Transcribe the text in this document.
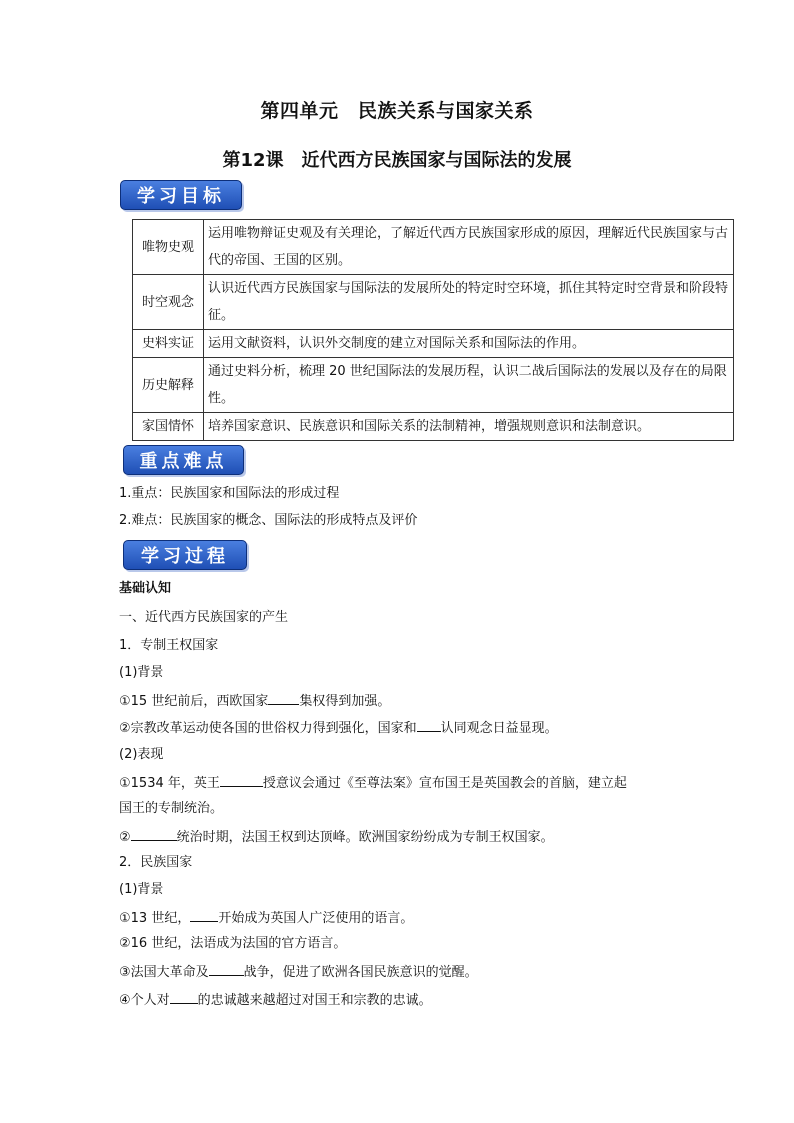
第四单元　民族关系与国家关系
第12课　近代西方民族国家与国际法的发展
学习目标
唯物史观	运用唯物辩证史观及有关理论，了解近代西方民族国家形成的原因，理解近代民族国家与古代的帝国、王国的区别。
时空观念	认识近代西方民族国家与国际法的发展所处的特定时空环境，抓住其特定时空背景和阶段特征。
史料实证	运用文献资料，认识外交制度的建立对国际关系和国际法的作用。
历史解释	通过史料分析，梳理 20 世纪国际法的发展历程，认识二战后国际法的发展以及存在的局限性。
家国情怀	培养国家意识、民族意识和国际关系的法制精神，增强规则意识和法制意识。
重点难点
1.重点：民族国家和国际法的形成过程
2.难点：民族国家的概念、国际法的形成特点及评价
学习过程
基础认知
一、近代西方民族国家的产生
1．专制王权国家
(1)背景
①15 世纪前后，西欧国家 集权得到加强。
②宗教改革运动使各国的世俗权力得到强化，国家和 认同观念日益显现。
(2)表现
①1534 年，英王	授意议会通过《至尊法案》宣布国王是英国教会的首脑，建立起
国王的专制统治。
②	统治时期，法国王权到达顶峰。欧洲国家纷纷成为专制王权国家。
2．民族国家
(1)背景
①13 世纪， 开始成为英国人广泛使用的语言。
②16 世纪，法语成为法国的官方语言。
③法国大革命及	战争，促进了欧洲各国民族意识的觉醒。
④个人对 的忠诚越来越超过对国王和宗教的忠诚。
